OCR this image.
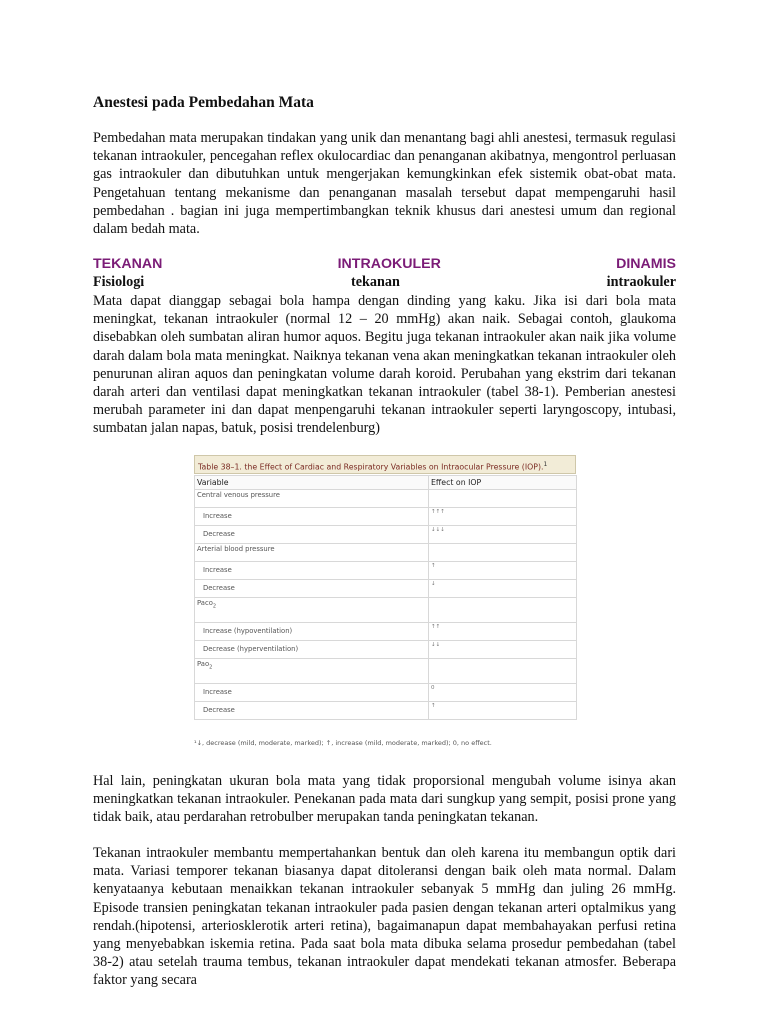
Anestesi pada Pembedahan Mata

Pembedahan mata merupakan tindakan yang unik dan menantang bagi ahli anestesi, termasuk regulasi tekanan intraokuler, pencegahan reflex okulocardiac dan penanganan akibatnya, mengontrol perluasan gas intraokuler dan dibutuhkan untuk mengerjakan kemungkinkan efek sistemik obat-obat mata. Pengetahuan tentang mekanisme dan penanganan masalah tersebut dapat mempengaruhi hasil pembedahan . bagian ini juga mempertimbangkan teknik khusus dari anestesi umum dan regional dalam bedah mata.

TEKANAN	INTRAOKULER	DINAMIS
Fisiologi	tekanan	intraokuler

Mata dapat dianggap sebagai bola hampa dengan dinding yang kaku. Jika isi dari bola mata meningkat, tekanan intraokuler (normal 12 – 20 mmHg) akan naik. Sebagai contoh, glaukoma disebabkan oleh sumbatan aliran humor aquos. Begitu juga tekanan intraokuler akan naik jika volume darah dalam bola mata meningkat. Naiknya tekanan vena akan meningkatkan tekanan intraokuler oleh penurunan aliran aquos dan peningkatan volume darah koroid. Perubahan yang ekstrim dari tekanan darah arteri dan ventilasi dapat meningkatkan tekanan intraokuler (tabel 38-1). Pemberian anestesi merubah parameter ini dan dapat menpengaruhi tekanan intraokuler seperti laryngoscopy, intubasi, sumbatan jalan napas, batuk, posisi trendelenburg)

Table 38–1. the Effect of Cardiac and Respiratory Variables on Intraocular Pressure (IOP).$^1$
Variable	Effect on IOP
Central venous pressure	
Increase	↑↑↑
Decrease	↓↓↓
Arterial blood pressure	
Increase	↑
Decrease	↓
Paco$_2$	
Increase (hypoventilation)	↑↑
Decrease (hyperventilation)	↓↓
Pao$_2$	
Increase	0
Decrease	↑
¹↓, decrease (mild, moderate, marked); ↑, increase (mild, moderate, marked); 0, no effect.

Hal lain, peningkatan ukuran bola mata yang tidak proporsional mengubah volume isinya akan meningkatkan tekanan intraokuler. Penekanan pada mata dari sungkup yang sempit, posisi prone yang tidak baik, atau perdarahan retrobulber merupakan tanda peningkatan tekanan.

Tekanan intraokuler membantu mempertahankan bentuk dan oleh karena itu membangun optik dari mata. Variasi temporer tekanan biasanya dapat ditoleransi dengan baik oleh mata normal. Dalam kenyataanya kebutaan menaikkan tekanan intraokuler sebanyak 5 mmHg dan juling 26 mmHg. Episode transien peningkatan tekanan intraokuler pada pasien dengan tekanan arteri optalmikus yang rendah.(hipotensi, arteriosklerotik arteri retina), bagaimanapun dapat membahayakan perfusi retina yang menyebabkan iskemia retina. Pada saat bola mata dibuka selama prosedur pembedahan (tabel 38-2) atau setelah trauma tembus, tekanan intraokuler dapat mendekati tekanan atmosfer. Beberapa faktor yang secara
